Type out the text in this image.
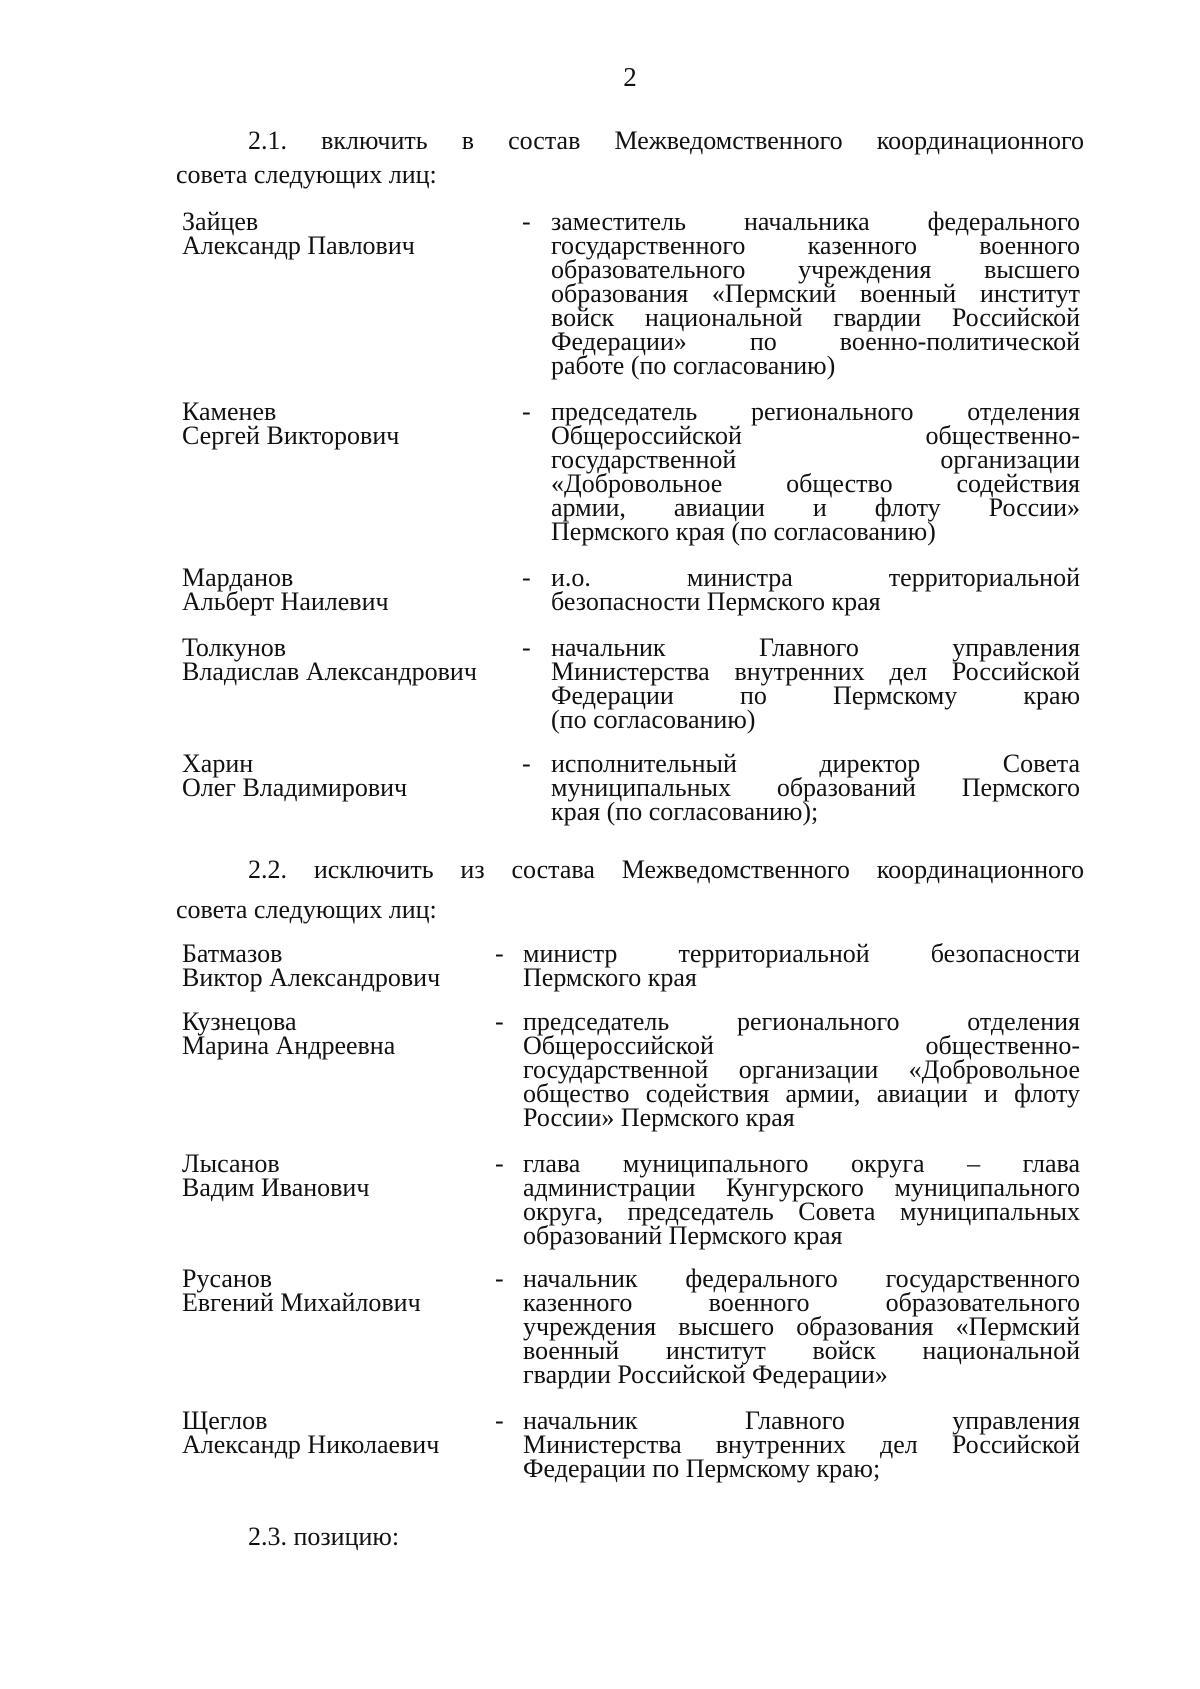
2
2.1. включить в состав Межведомственного координационного
совета следующих лиц:
Зайцев
Александр Павлович
- заместитель начальника федерального
государственного казенного военного
образовательного учреждения высшего
образования «Пермский военный институт
войск национальной гвардии Российской
Федерации» по военно-политической
работе (по согласованию)
Каменев
Сергей Викторович
- председатель регионального отделения
Общероссийской общественно-
государственной организации
«Добровольное общество содействия
армии, авиации и флоту России»
Пермского края (по согласованию)
Марданов
Альберт Наилевич
- и.о. министра территориальной
безопасности Пермского края
Толкунов
Владислав Александрович
- начальник Главного управления
Министерства внутренних дел Российской
Федерации по Пермскому краю
(по согласованию)
Харин
Олег Владимирович
- исполнительный директор Совета
муниципальных образований Пермского
края (по согласованию);
2.2. исключить из состава Межведомственного координационного
совета следующих лиц:
Батмазов
Виктор Александрович
- министр территориальной безопасности
Пермского края
Кузнецова
Марина Андреевна
- председатель регионального отделения
Общероссийской общественно-
государственной организации «Добровольное
общество содействия армии, авиации и флоту
России» Пермского края
Лысанов
Вадим Иванович
- глава муниципального округа – глава
администрации Кунгурского муниципального
округа, председатель Совета муниципальных
образований Пермского края
Русанов
Евгений Михайлович
- начальник федерального государственного
казенного военного образовательного
учреждения высшего образования «Пермский
военный институт войск национальной
гвардии Российской Федерации»
Щеглов
Александр Николаевич
- начальник Главного управления
Министерства внутренних дел Российской
Федерации по Пермскому краю;
2.3. позицию:
